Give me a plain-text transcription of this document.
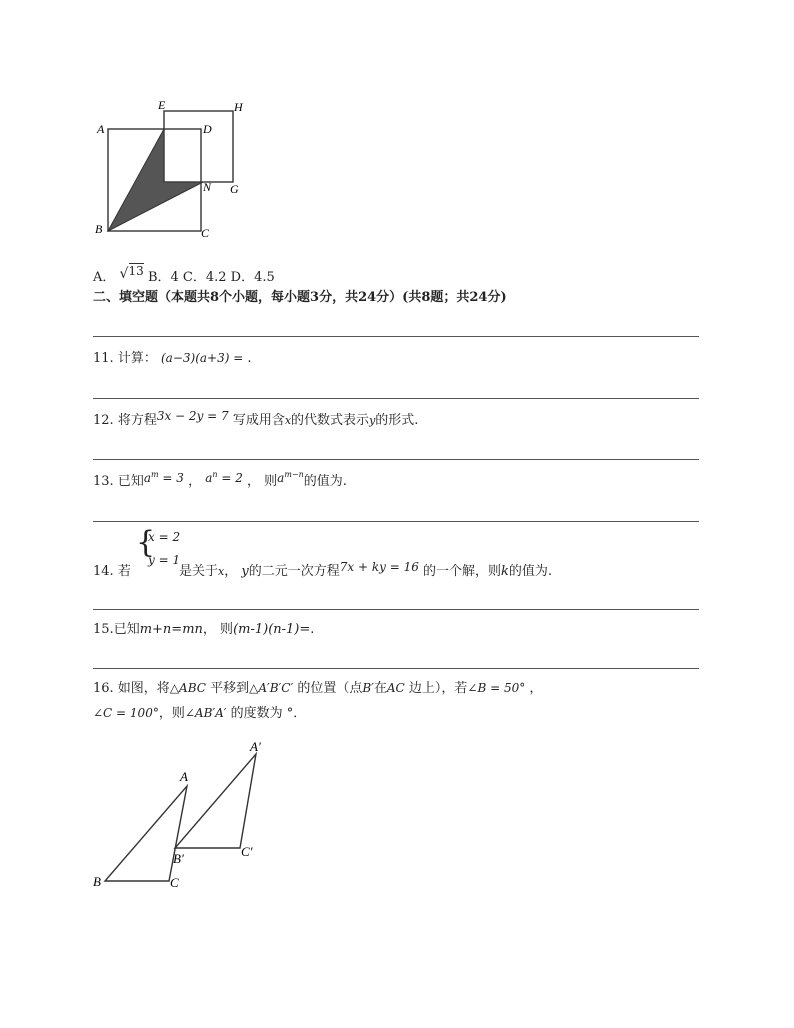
A
B	C
D
E	H
N G
A． √ 13 B．4 C．4.2 D．4.5
二、填空题（本题共8个小题，每小题3分，共24分）(共8题；共24分)
11. 计算： (a−3)(a+3) = .
12. 将方程3x − 2y = 7 写成用含x的代数式表示y的形式.
13. 已知$a^m = 3$ ， $a^n = 2$ ， 则$a^{m-n}$的值为.
14. 若
{
x = 2
y = 1
是关于x， y的二元一次方程7x + ky = 16 的一个解，则k的值为.
15.已知m+n=mn， 则(m-1)(n-1)=.
16. 如图，将△ABC 平移到△A′B′C′ 的位置（点B′在AC 边上），若∠B = 50° ，
∠C = 100°，则∠AB′A′ 的度数为 °．
A
B	C
A′
B′	C′
